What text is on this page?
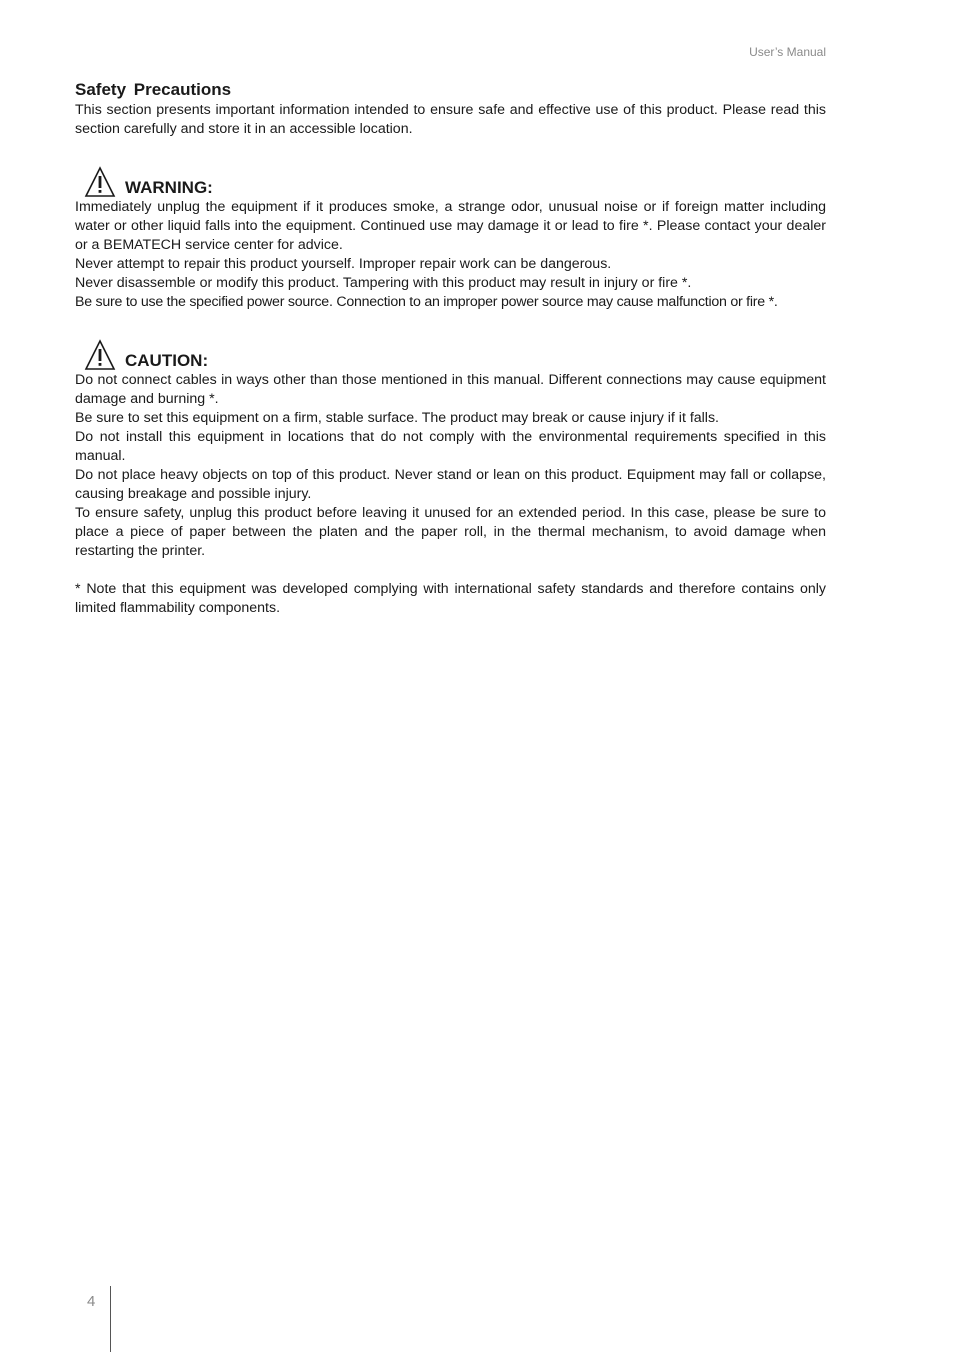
User’s Manual
Safety Precautions

This section presents important information intended to ensure safe and effective use of this product. Please read this section carefully and store it in an accessible location.

WARNING:

Immediately unplug the equipment if it produces smoke, a strange odor, unusual noise or if foreign matter including water or other liquid falls into the equipment. Continued use may damage it or lead to fire *. Please contact your dealer or a BEMATECH service center for advice.

Never attempt to repair this product yourself. Improper repair work can be dangerous.

Never disassemble or modify this product. Tampering with this product may result in injury or fire *.

Be sure to use the specified power source. Connection to an improper power source may cause malfunction or fire *.

CAUTION:

Do not connect cables in ways other than those mentioned in this manual. Different connections may cause equipment damage and burning *.

Be sure to set this equipment on a firm, stable surface. The product may break or cause injury if it falls.

Do not install this equipment in locations that do not comply with the environmental requirements specified in this manual.

Do not place heavy objects on top of this product. Never stand or lean on this product. Equipment may fall or collapse, causing breakage and possible injury.

To ensure safety, unplug this product before leaving it unused for an extended period. In this case, please be sure to place a piece of paper between the platen and the paper roll, in the thermal mechanism, to avoid damage when restarting the printer.

* Note that this equipment was developed complying with international safety standards and therefore contains only limited flammability components.

4
